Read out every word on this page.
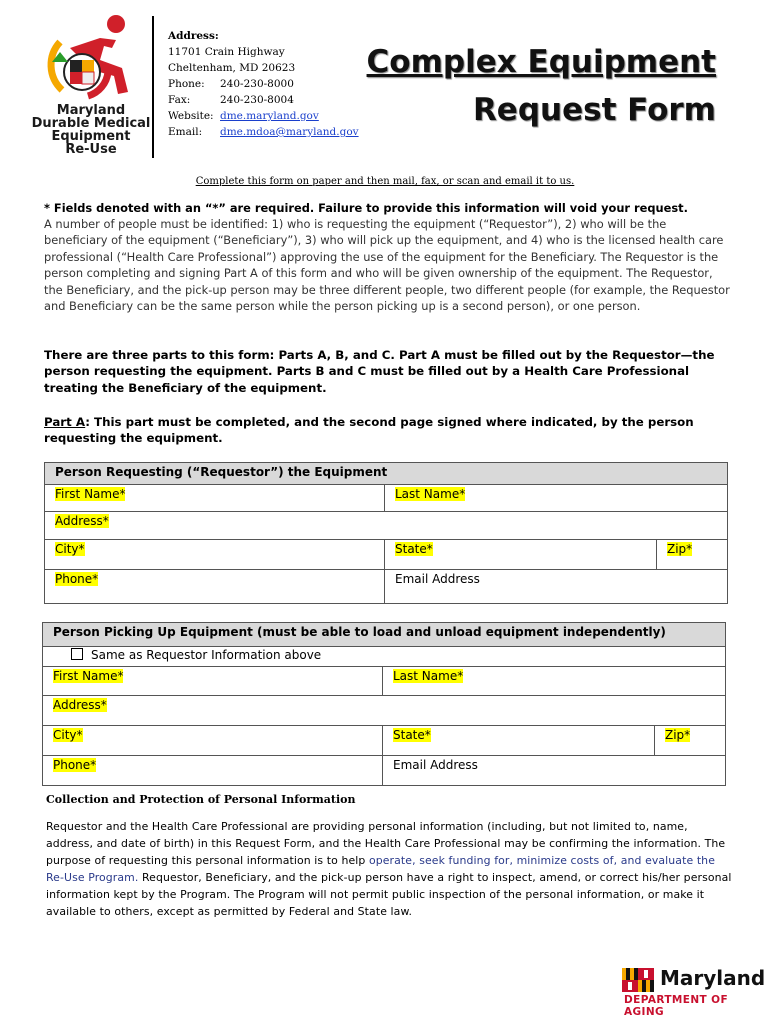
Maryland
Durable Medical
Equipment
Re-Use
Address:
11701 Crain Highway
Cheltenham, MD 20623
Phone: 240-230-8000
Fax:	240-230-8004
Website: dme.maryland.gov
Email: dme.mdoa@maryland.gov
Complex Equipment
Request Form
Complete this form on paper and then mail, fax, or scan and email it to us.
* Fields denoted with an “*” are required. Failure to provide this information will void your request.
A number of people must be identified: 1) who is requesting the equipment (“Requestor”), 2) who will be the beneficiary of the equipment (“Beneficiary”), 3) who will pick up the equipment, and 4) who is the licensed health care professional (“Health Care Professional”) approving the use of the equipment for the Beneficiary. The Requestor is the person completing and signing Part A of this form and who will be given ownership of the equipment. The Requestor, the Beneficiary, and the pick-up person may be three different people, two different people (for example, the Requestor and Beneficiary can be the same person while the person picking up is a second person), or one person.
There are three parts to this form: Parts A, B, and C. Part A must be filled out by the Requestor—the person requesting the equipment. Parts B and C must be filled out by a Health Care Professional treating the Beneficiary of the equipment.
Part A: This part must be completed, and the second page signed where indicated, by the person requesting the equipment.
Person Requesting (“Requestor”) the Equipment		
First Name*	Last Name*	
Address*		
City*	State*	Zip*
Phone*	Email Address	
Person Picking Up Equipment (must be able to load and unload equipment independently)		
Same as Requestor Information above		
First Name*	Last Name*	
Address*		
City*	State*	Zip*
Phone*	Email Address	
Collection and Protection of Personal Information
Requestor and the Health Care Professional are providing personal information (including, but not limited to, name, address, and date of birth) in this Request Form, and the Health Care Professional may be confirming the information. The purpose of requesting this personal information is to help operate, seek funding for, minimize costs of, and evaluate the Re-Use Program. Requestor, Beneficiary, and the pick-up person have a right to inspect, amend, or correct his/her personal information kept by the Program. The Program will not permit public inspection of the personal information, or make it available to others, except as permitted by Federal and State law.
Maryland
DEPARTMENT OF AGING
